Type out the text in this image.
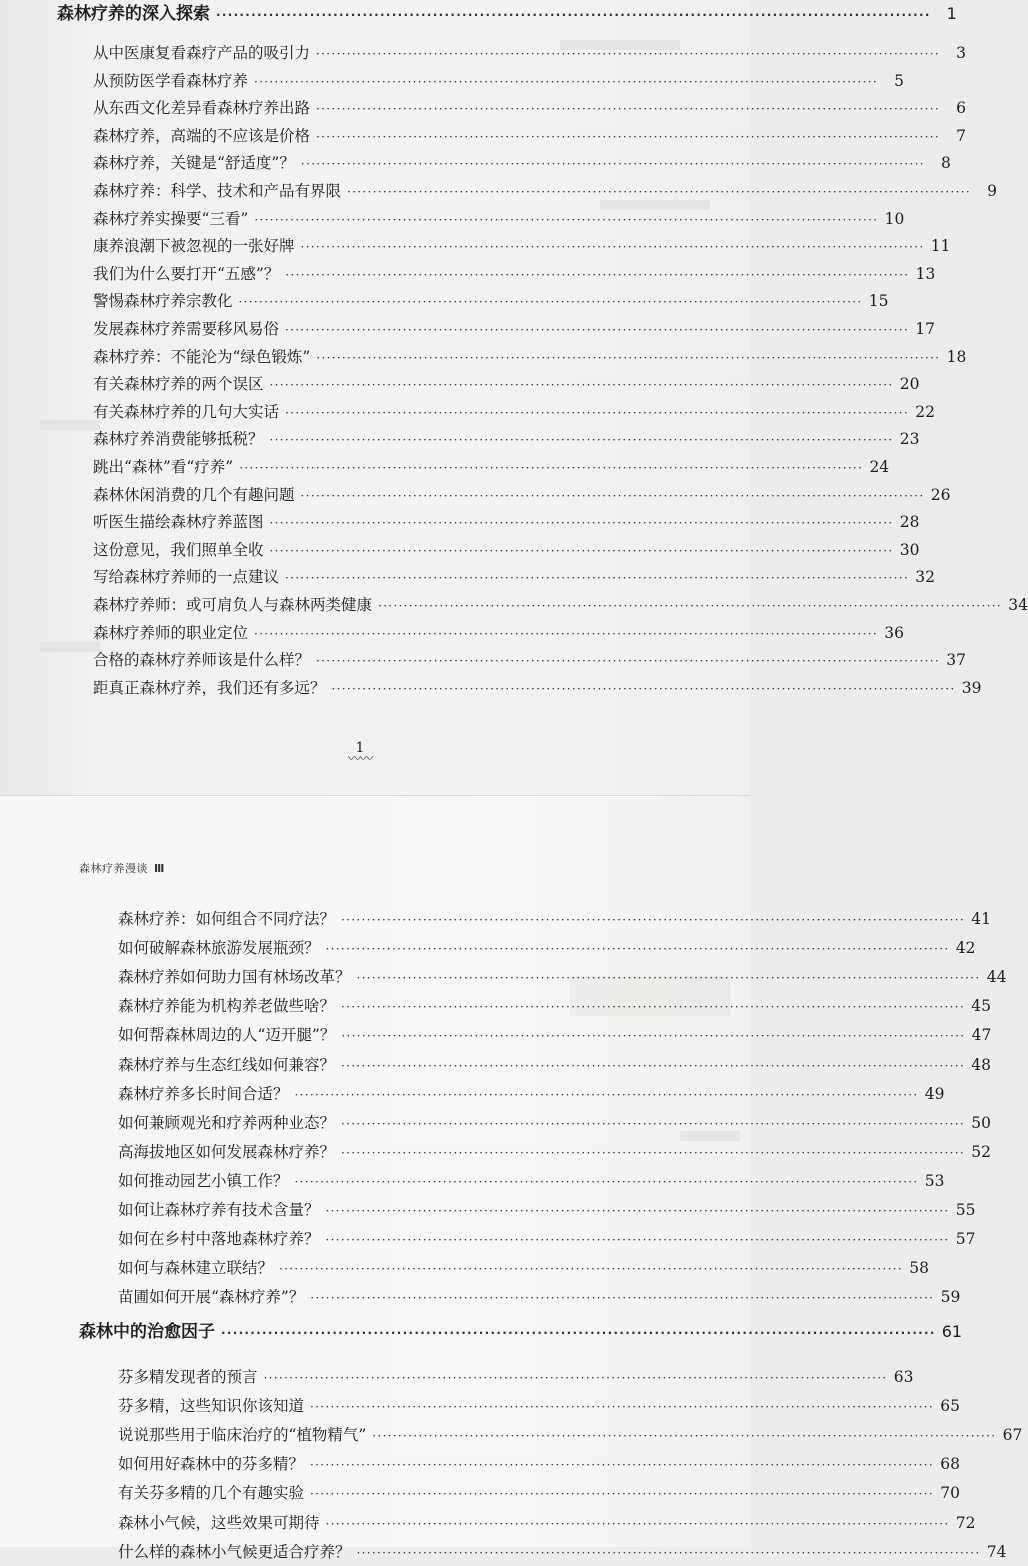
森林疗养的深入探索 ·····	1
从中医康复看森疗产品的吸引力 ·····	3
从预防医学看森林疗养 ·····	5
从东西文化差异看森林疗养出路 ·····	6
森林疗养，高端的不应该是价格 ·····	7
森林疗养，关键是“舒适度”？ ·····	8
森林疗养：科学、技术和产品有界限 ·····	9
森林疗养实操要“三看” ·····	10
康养浪潮下被忽视的一张好牌 ·····	11
我们为什么要打开“五感”？ ·····	13
警惕森林疗养宗教化 ·····	15
发展森林疗养需要移风易俗 ·····	17
森林疗养：不能沦为“绿色锻炼” ·····	18
有关森林疗养的两个误区 ·····	20
有关森林疗养的几句大实话 ·····	22
森林疗养消费能够抵税？ ·····	23
跳出“森林”看“疗养” ·····	24
森林休闲消费的几个有趣问题 ·····	26
听医生描绘森林疗养蓝图 ·····	28
这份意见，我们照单全收 ·····	30
写给森林疗养师的一点建议 ·····	32
森林疗养师：或可肩负人与森林两类健康 ·····	34
森林疗养师的职业定位 ·····	36
合格的森林疗养师该是什么样？ ·····	37
距真正森林疗养，我们还有多远？ ·····	39
1
〰〰
森林疗养漫谈 Ⅲ
森林疗养：如何组合不同疗法？ ·····	41
如何破解森林旅游发展瓶颈？ ·····	42
森林疗养如何助力国有林场改革？ ·····	44
森林疗养能为机构养老做些啥？ ·····	45
如何帮森林周边的人“迈开腿”？ ·····	47
森林疗养与生态红线如何兼容？ ·····	48
森林疗养多长时间合适？ ·····	49
如何兼顾观光和疗养两种业态？ ·····	50
高海拔地区如何发展森林疗养？ ·····	52
如何推动园艺小镇工作？ ·····	53
如何让森林疗养有技术含量？ ·····	55
如何在乡村中落地森林疗养？ ·····	57
如何与森林建立联结？ ·····	58
苗圃如何开展“森林疗养”？ ·····	59
森林中的治愈因子 ·····	61
芬多精发现者的预言 ·····	63
芬多精，这些知识你该知道 ·····	65
说说那些用于临床治疗的“植物精气” ·····	67
如何用好森林中的芬多精？ ·····	68
有关芬多精的几个有趣实验 ·····	70
森林小气候，这些效果可期待 ·····	72
什么样的森林小气候更适合疗养？ ·····	74
